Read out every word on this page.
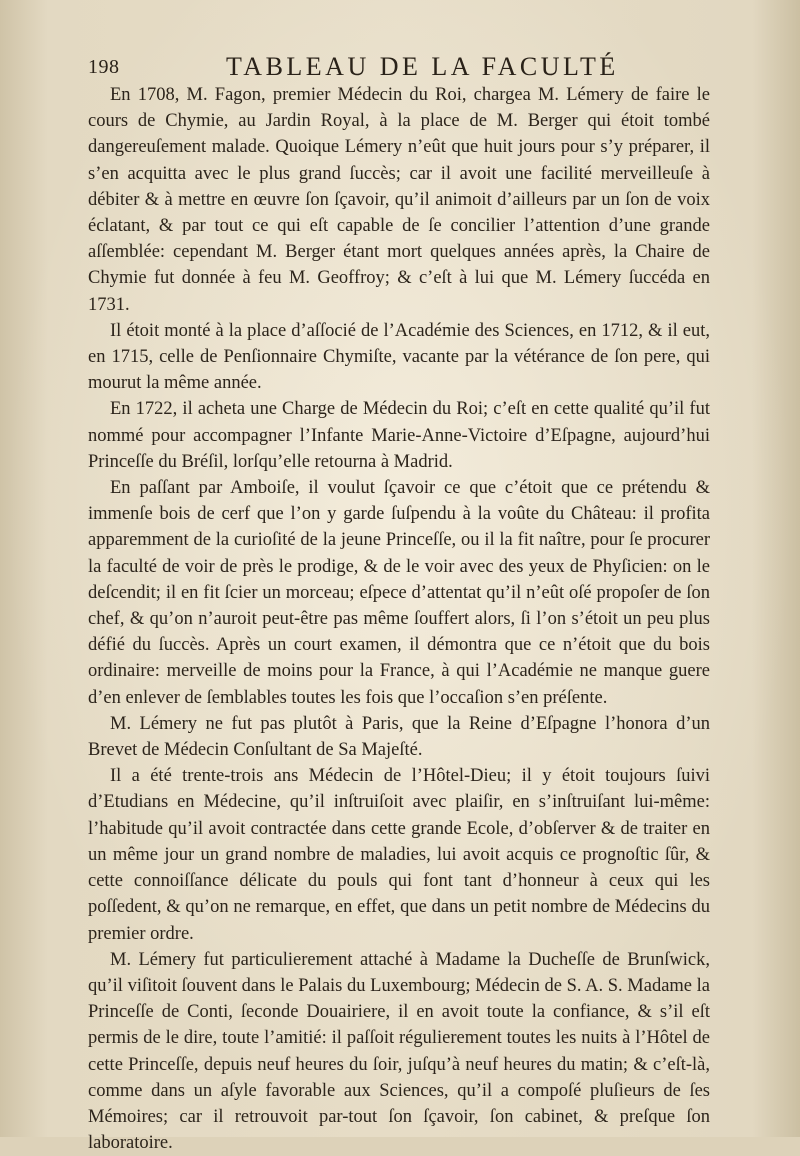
198	TABLEAU DE LA FACULTÉ

En 1708, M. Fagon, premier Médecin du Roi, chargea M. Lémery de faire le cours de Chymie, au Jardin Royal, à la place de M. Berger qui étoit tombé dangereuſement malade. Quoique Lémery n’eût que huit jours pour s’y préparer, il s’en acquitta avec le plus grand ſuccès; car il avoit une facilité merveilleuſe à débiter & à mettre en œuvre ſon ſçavoir, qu’il animoit d’ailleurs par un ſon de voix éclatant, & par tout ce qui eſt capable de ſe concilier l’attention d’une grande aſſemblée: cependant M. Berger étant mort quelques années après, la Chaire de Chymie fut donnée à feu M. Geoffroy; & c’eſt à lui que M. Lémery ſuccéda en 1731.

Il étoit monté à la place d’aſſocié de l’Académie des Sciences, en 1712, & il eut, en 1715, celle de Penſionnaire Chymiſte, vacante par la vétérance de ſon pere, qui mourut la même année.

En 1722, il acheta une Charge de Médecin du Roi; c’eſt en cette qualité qu’il fut nommé pour accompagner l’Infante Marie-Anne-Victoire d’Eſpagne, aujourd’hui Princeſſe du Bréſil, lorſqu’elle retourna à Madrid.

En paſſant par Amboiſe, il voulut ſçavoir ce que c’étoit que ce prétendu & immenſe bois de cerf que l’on y garde ſuſpendu à la voûte du Château: il profita apparemment de la curioſité de la jeune Princeſſe, ou il la fit naître, pour ſe procurer la faculté de voir de près le prodige, & de le voir avec des yeux de Phyſicien: on le deſcendit; il en fit ſcier un morceau; eſpece d’attentat qu’il n’eût oſé propoſer de ſon chef, & qu’on n’auroit peut-être pas même ſouffert alors, ſi l’on s’étoit un peu plus défié du ſuccès. Après un court examen, il démontra que ce n’étoit que du bois ordinaire: merveille de moins pour la France, à qui l’Académie ne manque guere d’en enlever de ſemblables toutes les fois que l’occaſion s’en préſente.

M. Lémery ne fut pas plutôt à Paris, que la Reine d’Eſpagne l’honora d’un Brevet de Médecin Conſultant de Sa Majeſté.

Il a été trente-trois ans Médecin de l’Hôtel-Dieu; il y étoit toujours ſuivi d’Etudians en Médecine, qu’il inſtruiſoit avec plaiſir, en s’inſtruiſant lui-même: l’habitude qu’il avoit contractée dans cette grande Ecole, d’obſerver & de traiter en un même jour un grand nombre de maladies, lui avoit acquis ce prognoſtic ſûr, & cette connoiſſance délicate du pouls qui font tant d’honneur à ceux qui les poſſedent, & qu’on ne remarque, en effet, que dans un petit nombre de Médecins du premier ordre.

M. Lémery fut particulierement attaché à Madame la Ducheſſe de Brunſwick, qu’il viſitoit ſouvent dans le Palais du Luxembourg; Médecin de S. A. S. Madame la Princeſſe de Conti, ſeconde Douairiere, il en avoit toute la confiance, & s’il eſt permis de le dire, toute l’amitié: il paſſoit régulierement toutes les nuits à l’Hôtel de cette Princeſſe, depuis neuf heures du ſoir, juſqu’à neuf heures du matin; & c’eſt-là, comme dans un aſyle favorable aux Sciences, qu’il a compoſé pluſieurs de ſes Mémoires; car il retrouvoit par-tout ſon ſçavoir, ſon cabinet, & preſque ſon laboratoire.
